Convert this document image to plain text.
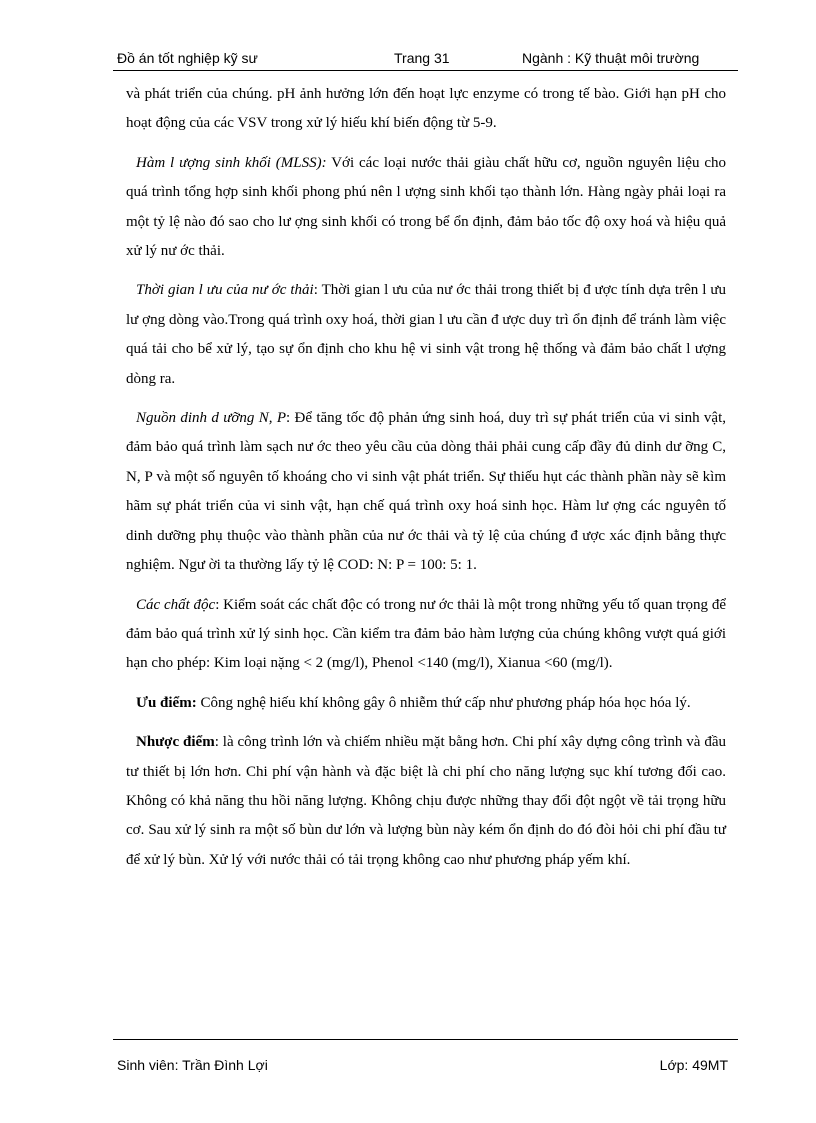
Đồ án tốt nghiệp kỹ sư	Trang 31	Ngành : Kỹ thuật môi trường

và phát triển của chúng. pH ảnh hưởng lớn đến hoạt lực enzyme có trong tế bào. Giới hạn pH cho hoạt động của các VSV trong xử lý hiếu khí biến động từ 5-9.

Hàm l ượng sinh khối (MLSS): Với các loại nước thải giàu chất hữu cơ, nguồn nguyên liệu cho quá trình tổng hợp sinh khối phong phú nên l ượng sinh khối tạo thành lớn. Hàng ngày phải loại ra một tỷ lệ nào đó sao cho lư ợng sinh khối có trong bể ổn định, đảm bảo tốc độ oxy hoá và hiệu quả xử lý nư ớc thải.

Thời gian l ưu của nư ớc thải: Thời gian l ưu của nư ớc thải trong thiết bị đ ược tính dựa trên l ưu lư ợng dòng vào.Trong quá trình oxy hoá, thời gian l ưu cần đ ược duy trì ổn định để tránh làm việc quá tải cho bể xử lý, tạo sự ổn định cho khu hệ vi sinh vật trong hệ thống và đảm bảo chất l ượng dòng ra.

Nguồn dinh d ưỡng N, P: Để tăng tốc độ phản ứng sinh hoá, duy trì sự phát triển của vi sinh vật, đảm bảo quá trình làm sạch nư ớc theo yêu cầu của dòng thải phải cung cấp đầy đủ dinh dư ỡng C, N, P và một số nguyên tố khoáng cho vi sinh vật phát triển. Sự thiếu hụt các thành phần này sẽ kìm hãm sự phát triển của vi sinh vật, hạn chế quá trình oxy hoá sinh học. Hàm lư ợng các nguyên tố dinh dưỡng phụ thuộc vào thành phần của nư ớc thải và tỷ lệ của chúng đ ược xác định bằng thực nghiệm. Ngư ời ta thường lấy tỷ lệ COD: N: P = 100: 5: 1.

Các chất độc: Kiểm soát các chất độc có trong nư ớc thải là một trong những yếu tố quan trọng để đảm bảo quá trình xử lý sinh học. Cần kiểm tra đảm bảo hàm lượng của chúng không vượt quá giới hạn cho phép: Kim loại nặng < 2 (mg/l), Phenol <140 (mg/l), Xianua <60 (mg/l).

Ưu điểm: Công nghệ hiếu khí không gây ô nhiễm thứ cấp như phương pháp hóa học hóa lý.

Nhược điểm: là công trình lớn và chiếm nhiều mặt bằng hơn. Chi phí xây dựng công trình và đầu tư thiết bị lớn hơn. Chi phí vận hành và đặc biệt là chi phí cho năng lượng sục khí tương đối cao. Không có khả năng thu hồi năng lượng. Không chịu được những thay đổi đột ngột về tải trọng hữu cơ. Sau xử lý sinh ra một số bùn dư lớn và lượng bùn này kém ổn định do đó đòi hỏi chi phí đầu tư để xử lý bùn. Xử lý với nước thải có tải trọng không cao như phương pháp yếm khí.

Sinh viên: Trần Đình Lợi	Lớp: 49MT
